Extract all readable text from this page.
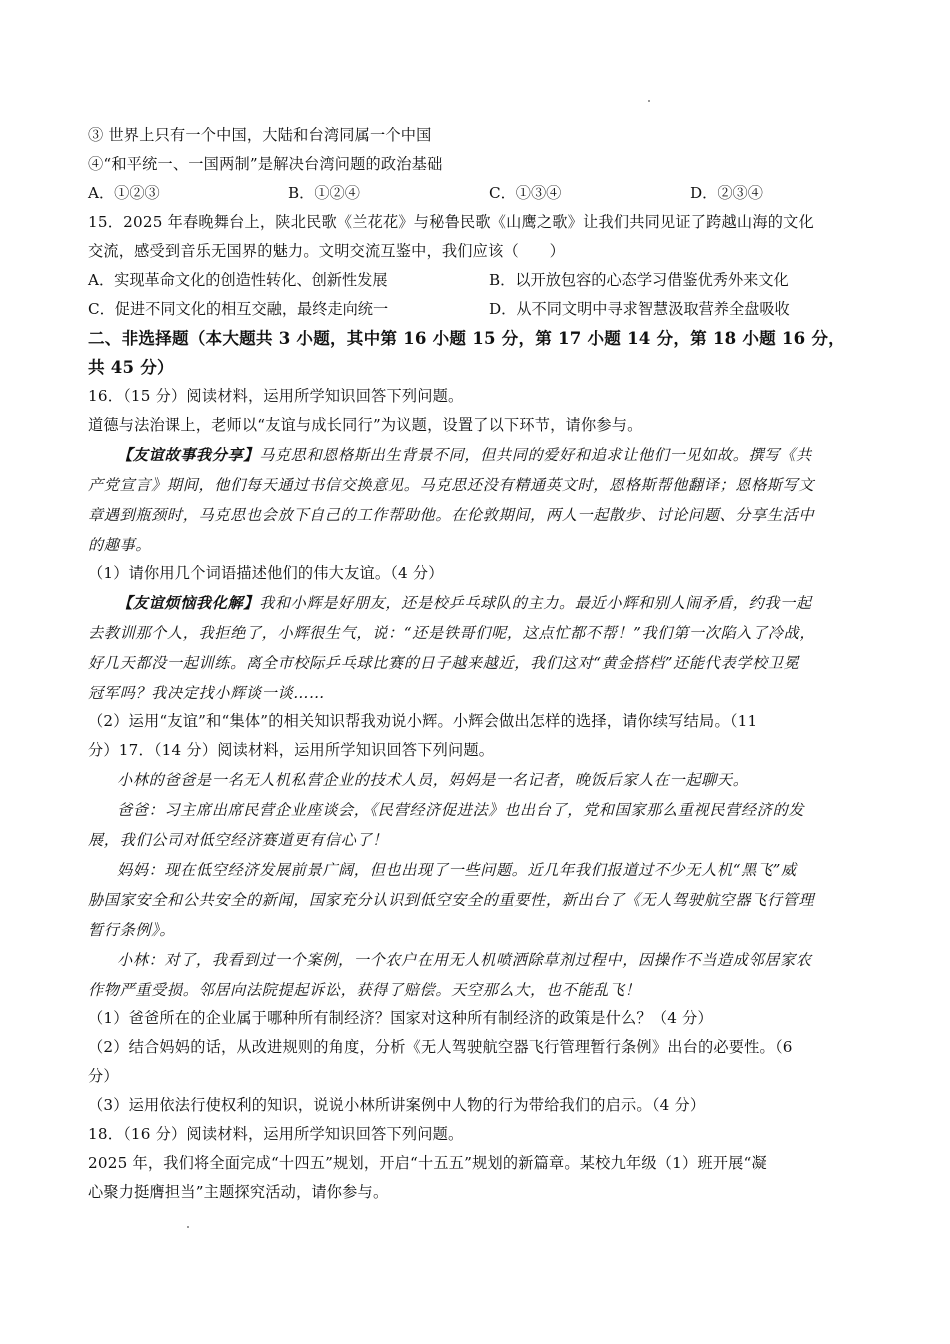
③ 世界上只有一个中国，大陆和台湾同属一个中国
④“和平统一、一国两制”是解决台湾问题的政治基础
A．①②③	B．①②④	C．①③④	D．②③④
15．2025 年春晚舞台上，陕北民歌《兰花花》与秘鲁民歌《山鹰之歌》让我们共同见证了跨越山海的文化
交流，感受到音乐无国界的魅力。文明交流互鉴中，我们应该（　　）
A．实现革命文化的创造性转化、创新性发展	B．以开放包容的心态学习借鉴优秀外来文化
C．促进不同文化的相互交融，最终走向统一	D．从不同文明中寻求智慧汲取营养全盘吸收
二、非选择题（本大题共 3 小题，其中第 16 小题 15 分，第 17 小题 14 分，第 18 小题 16 分，
共 45 分）
16．（15 分）阅读材料，运用所学知识回答下列问题。
道德与法治课上，老师以“友谊与成长同行”为议题，设置了以下环节，请你参与。
【友谊故事我分享】马克思和恩格斯出生背景不同，但共同的爱好和追求让他们一见如故。撰写《共
产党宣言》期间，他们每天通过书信交换意见。马克思还没有精通英文时，恩格斯帮他翻译；恩格斯写文
章遇到瓶颈时，马克思也会放下自己的工作帮助他。在伦敦期间，两人一起散步、讨论问题、分享生活中
的趣事。
（1）请你用几个词语描述他们的伟大友谊。（4 分）
【友谊烦恼我化解】我和小辉是好朋友，还是校乒乓球队的主力。最近小辉和别人闹矛盾，约我一起
去教训那个人，我拒绝了，小辉很生气，说：“还是铁哥们呢，这点忙都不帮！”我们第一次陷入了冷战，
好几天都没一起训练。离全市校际乒乓球比赛的日子越来越近，我们这对“黄金搭档”还能代表学校卫冕
冠军吗？我决定找小辉谈一谈……
（2）运用“友谊”和“集体”的相关知识帮我劝说小辉。小辉会做出怎样的选择，请你续写结局。（11
分）17．（14 分）阅读材料，运用所学知识回答下列问题。
小林的爸爸是一名无人机私营企业的技术人员，妈妈是一名记者，晚饭后家人在一起聊天。
爸爸：习主席出席民营企业座谈会，《民营经济促进法》也出台了，党和国家那么重视民营经济的发
展，我们公司对低空经济赛道更有信心了！
妈妈：现在低空经济发展前景广阔，但也出现了一些问题。近几年我们报道过不少无人机“黑飞”威
胁国家安全和公共安全的新闻，国家充分认识到低空安全的重要性，新出台了《无人驾驶航空器飞行管理
暂行条例》。
小林：对了，我看到过一个案例，一个农户在用无人机喷洒除草剂过程中，因操作不当造成邻居家农
作物严重受损。邻居向法院提起诉讼，获得了赔偿。天空那么大，也不能乱飞！
（1）爸爸所在的企业属于哪种所有制经济？国家对这种所有制经济的政策是什么？（4 分）
（2）结合妈妈的话，从改进规则的角度，分析《无人驾驶航空器飞行管理暂行条例》出台的必要性。（6
分）
（3）运用依法行使权利的知识，说说小林所讲案例中人物的行为带给我们的启示。（4 分）
18．（16 分）阅读材料，运用所学知识回答下列问题。
2025 年，我们将全面完成“十四五”规划，开启“十五五”规划的新篇章。某校九年级（1）班开展“凝
心聚力挺膺担当”主题探究活动，请你参与。
